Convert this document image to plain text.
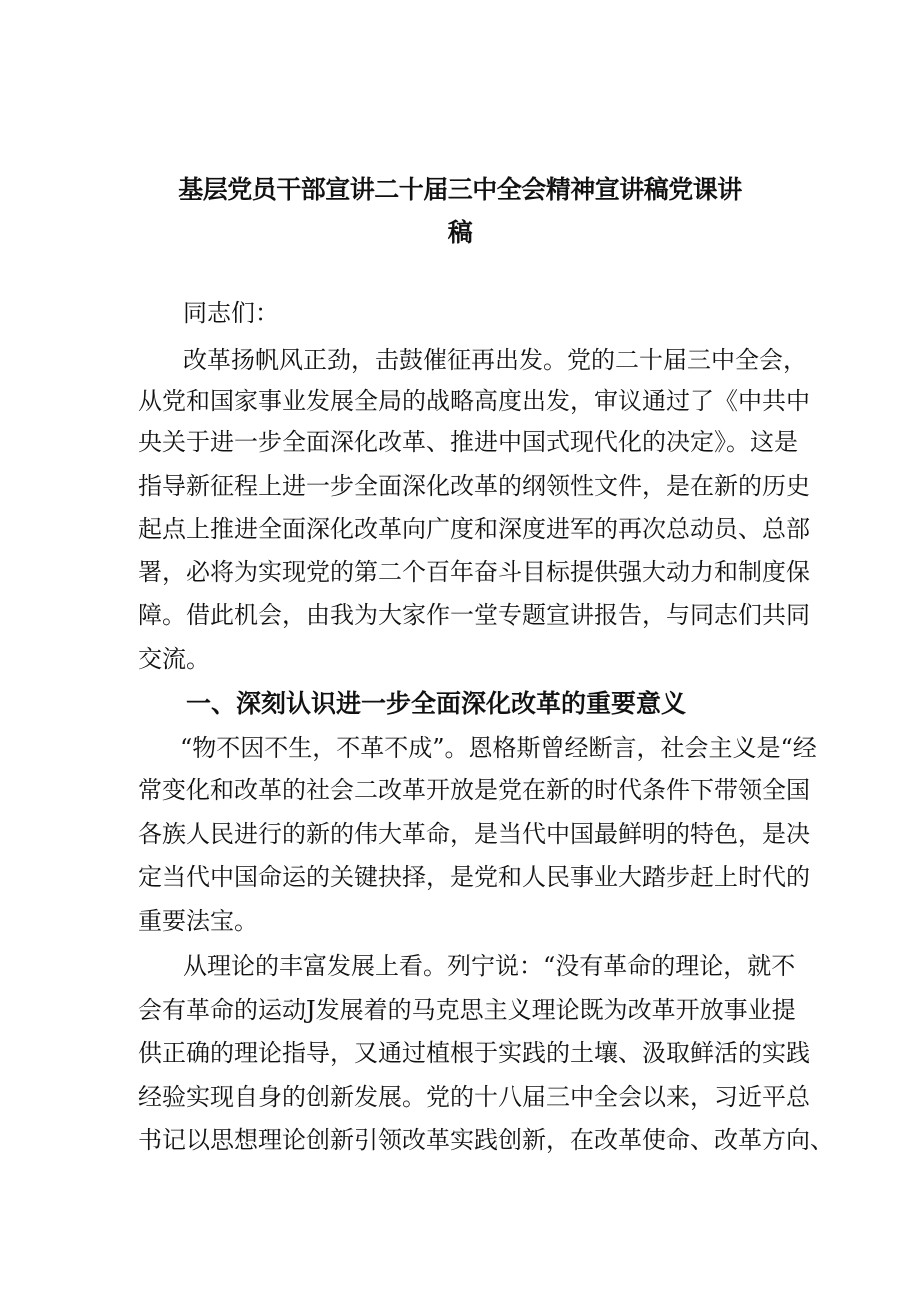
基层党员干部宣讲二十届三中全会精神宣讲稿党课讲
稿
同志们：
改革扬帆风正劲，击鼓催征再出发。党的二十届三中全会，
从党和国家事业发展全局的战略高度出发，审议通过了《中共中
央关于进一步全面深化改革、推进中国式现代化的决定》。这是
指导新征程上进一步全面深化改革的纲领性文件，是在新的历史
起点上推进全面深化改革向广度和深度进军的再次总动员、总部
署，必将为实现党的第二个百年奋斗目标提供强大动力和制度保
障。借此机会，由我为大家作一堂专题宣讲报告，与同志们共同
交流。
一、深刻认识进一步全面深化改革的重要意义
“物不因不生，不革不成”。恩格斯曾经断言，社会主义是“经
常变化和改革的社会二改革开放是党在新的时代条件下带领全国
各族人民进行的新的伟大革命，是当代中国最鲜明的特色，是决
定当代中国命运的关键抉择，是党和人民事业大踏步赶上时代的
重要法宝。
从理论的丰富发展上看。列宁说：“没有革命的理论，就不
会有革命的运动J发展着的马克思主义理论既为改革开放事业提
供正确的理论指导，又通过植根于实践的土壤、汲取鲜活的实践
经验实现自身的创新发展。党的十八届三中全会以来，习近平总
书记以思想理论创新引领改革实践创新，在改革使命、改革方向、
